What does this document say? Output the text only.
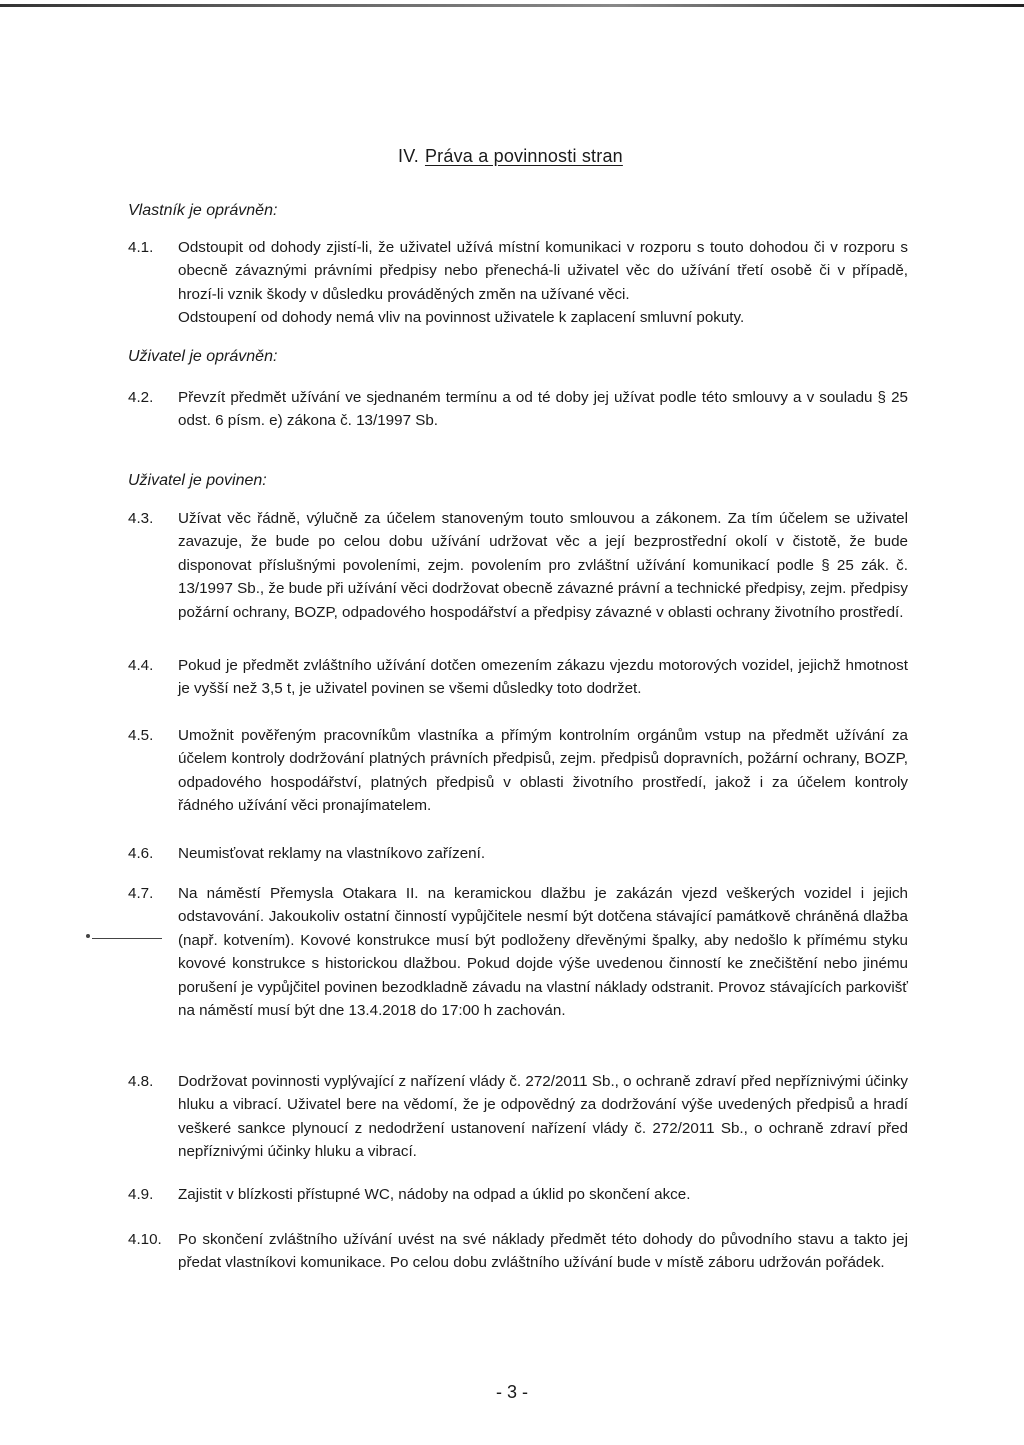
IV. Práva a povinnosti stran
Vlastník je oprávněn:
4.1.	Odstoupit od dohody zjistí-li, že uživatel užívá místní komunikaci v rozporu s touto dohodou či v rozporu s obecně závaznými právními předpisy nebo přenechá-li uživatel věc do užívání třetí osobě či v případě, hrozí-li vznik škody v důsledku prováděných změn na užívané věci.

Odstoupení od dohody nemá vliv na povinnost uživatele k zaplacení smluvní pokuty.

Uživatel je oprávněn:
4.2.	Převzít předmět užívání ve sjednaném termínu a od té doby jej užívat podle této smlouvy a v souladu § 25 odst. 6 písm. e) zákona č. 13/1997 Sb.

Uživatel je povinen:
4.3.	Užívat věc řádně, výlučně za účelem stanoveným touto smlouvou a zákonem. Za tím účelem se uživatel zavazuje, že bude po celou dobu užívání udržovat věc a její bezprostřední okolí v čistotě, že bude disponovat příslušnými povoleními, zejm. povolením pro zvláštní užívání komunikací podle § 25 zák. č. 13/1997 Sb., že bude při užívání věci dodržovat obecně závazné právní a technické předpisy, zejm. předpisy požární ochrany, BOZP, odpadového hospodářství a předpisy závazné v oblasti ochrany životního prostředí.

4.4.	Pokud je předmět zvláštního užívání dotčen omezením zákazu vjezdu motorových vozidel, jejichž hmotnost je vyšší než 3,5 t, je uživatel povinen se všemi důsledky toto dodržet.

4.5.	Umožnit pověřeným pracovníkům vlastníka a přímým kontrolním orgánům vstup na předmět užívání za účelem kontroly dodržování platných právních předpisů, zejm. předpisů dopravních, požární ochrany, BOZP, odpadového hospodářství, platných předpisů v oblasti životního prostředí, jakož i za účelem kontroly řádného užívání věci pronajímatelem.

4.6.	Neumisťovat reklamy na vlastníkovo zařízení.

4.7.	Na náměstí Přemysla Otakara II. na keramickou dlažbu je zakázán vjezd veškerých vozidel i jejich odstavování. Jakoukoliv ostatní činností vypůjčitele nesmí být dotčena stávající památkově chráněná dlažba (např. kotvením). Kovové konstrukce musí být podloženy dřevěnými špalky, aby nedošlo k přímému styku kovové konstrukce s historickou dlažbou. Pokud dojde výše uvedenou činností ke znečištění nebo jinému porušení je vypůjčitel povinen bezodkladně závadu na vlastní náklady odstranit. Provoz stávajících parkovišť na náměstí musí být dne 13.4.2018 do 17:00 h zachován.

4.8.	Dodržovat povinnosti vyplývající z nařízení vlády č. 272/2011 Sb., o ochraně zdraví před nepříznivými účinky hluku a vibrací. Uživatel bere na vědomí, že je odpovědný za dodržování výše uvedených předpisů a hradí veškeré sankce plynoucí z nedodržení ustanovení nařízení vlády č. 272/2011 Sb., o ochraně zdraví před nepříznivými účinky hluku a vibrací.

4.9.	Zajistit v blízkosti přístupné WC, nádoby na odpad a úklid po skončení akce.

4.10.	Po skončení zvláštního užívání uvést na své náklady předmět této dohody do původního stavu a takto jej předat vlastníkovi komunikace. Po celou dobu zvláštního užívání bude v místě záboru udržován pořádek.

- 3 -
